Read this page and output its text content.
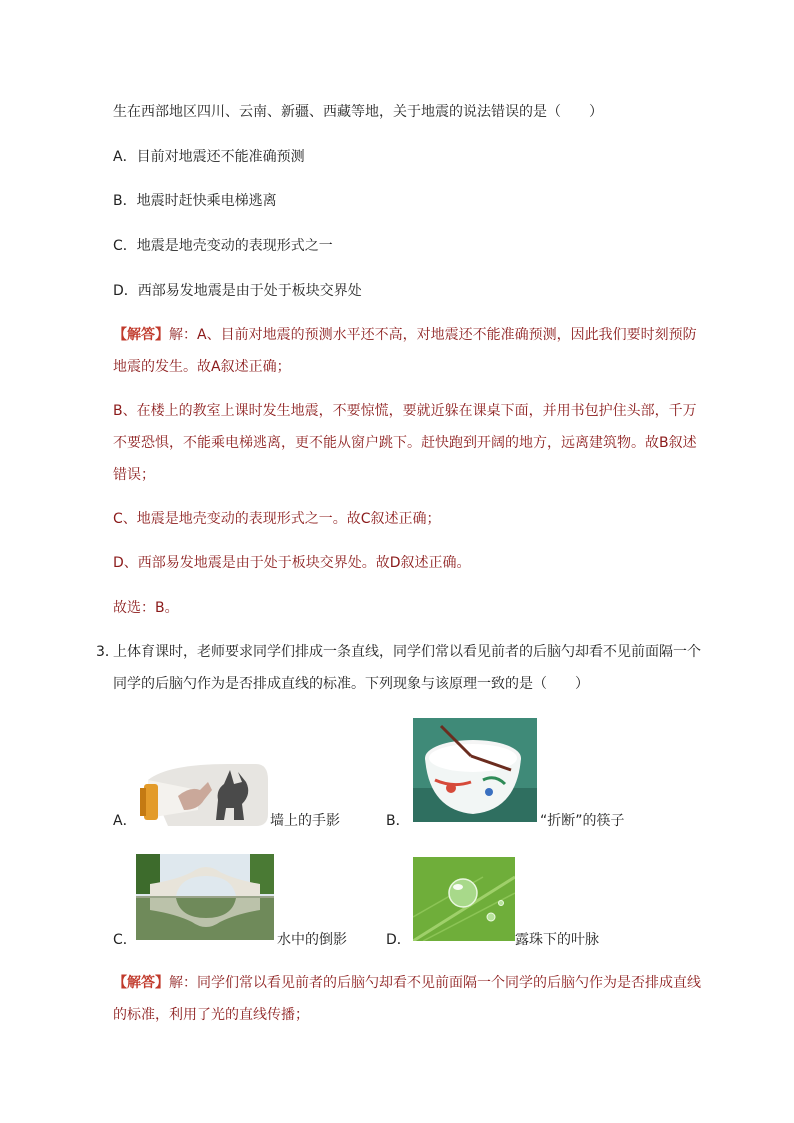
生在西部地区四川、云南、新疆、西藏等地，关于地震的说法错误的是（　　）
A．目前对地震还不能准确预测
B．地震时赶快乘电梯逃离
C．地震是地壳变动的表现形式之一
D．西部易发地震是由于处于板块交界处
【解答】解：A、目前对地震的预测水平还不高，对地震还不能准确预测，因此我们要时刻预防
地震的发生。故A叙述正确；
B、在楼上的教室上课时发生地震，不要惊慌，要就近躲在课桌下面，并用书包护住头部，千万
不要恐惧，不能乘电梯逃离，更不能从窗户跳下。赶快跑到开阔的地方，远离建筑物。故B叙述
错误；
C、地震是地壳变动的表现形式之一。故C叙述正确；
D、西部易发地震是由于处于板块交界处。故D叙述正确。
故选：B。
3．
上体育课时，老师要求同学们排成一条直线，同学们常以看见前者的后脑勺却看不见前面隔一个
同学的后脑勺作为是否排成直线的标准。下列现象与该原理一致的是（　　）
A．	墙上的手影	B．	“折断”的筷子
C．	水中的倒影	D．	露珠下的叶脉
【解答】解：同学们常以看见前者的后脑勺却看不见前面隔一个同学的后脑勺作为是否排成直线
的标准，利用了光的直线传播；
